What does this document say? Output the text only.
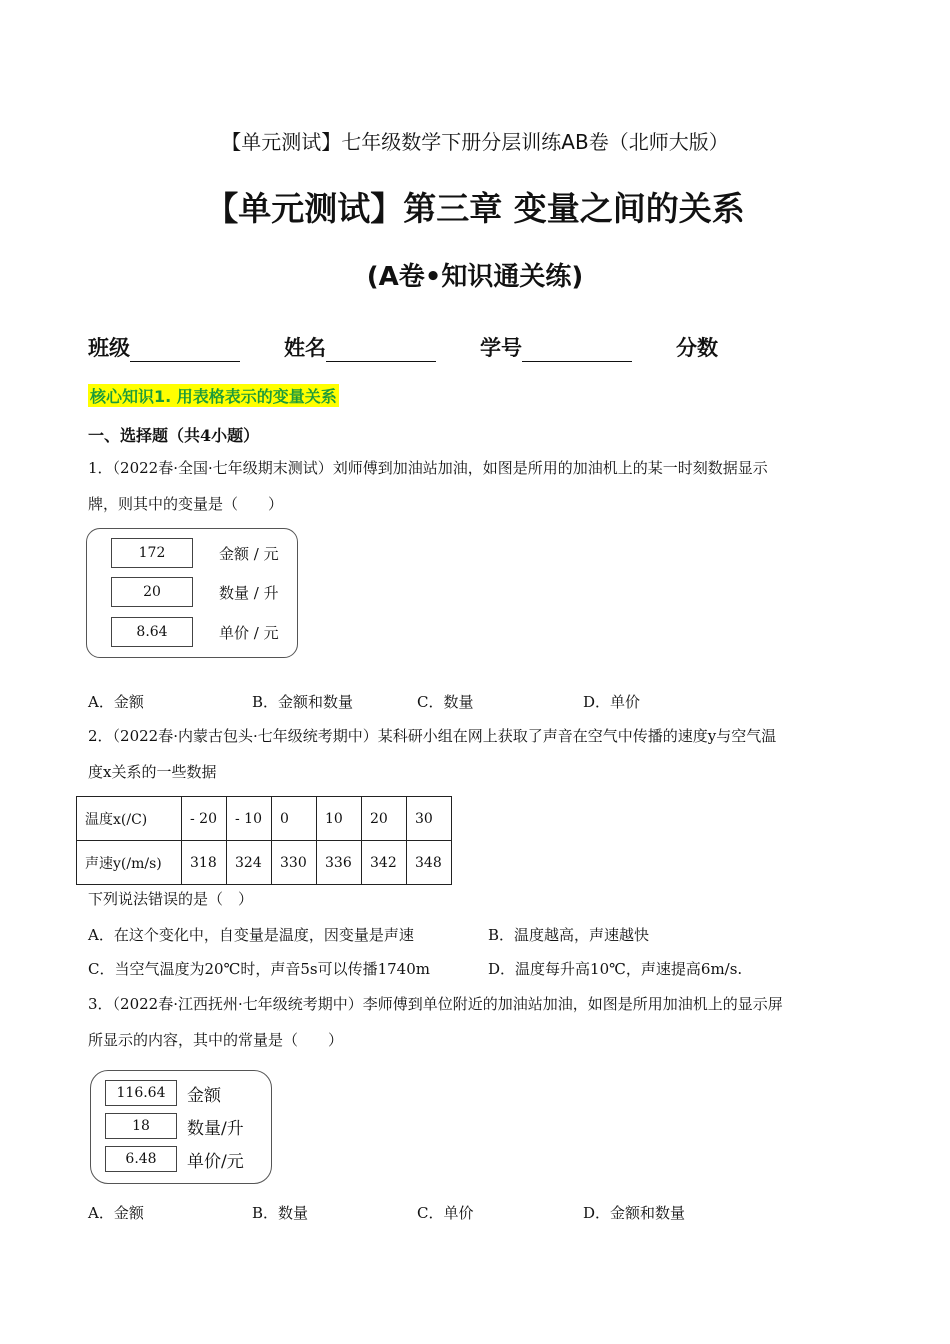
【单元测试】七年级数学下册分层训练AB卷（北师大版）
【单元测试】第三章 变量之间的关系
(A卷•知识通关练)
班级	姓名	学号	分数
核心知识1. 用表格表示的变量关系
一、选择题（共4小题）
1．（2022春·全国·七年级期末测试）刘师傅到加油站加油，如图是所用的加油机上的某一时刻数据显示
牌，则其中的变量是（　　）
172	金额 / 元
20	数量 / 升
8.64	单价 / 元
A．金额	B．金额和数量	C．数量	D．单价
2．（2022春·内蒙古包头·七年级统考期中）某科研小组在网上获取了声音在空气中传播的速度y与空气温
度x关系的一些数据
温度x(/C)	- 20	- 10	0	10	20	30
声速y(/m/s)	318	324	330	336	342	348
下列说法错误的是（　）
A．在这个变化中，自变量是温度，因变量是声速	B．温度越高，声速越快
C．当空气温度为20℃时，声音5s可以传播1740m	D．温度每升高10℃，声速提高6m/s.
3．（2022春·江西抚州·七年级统考期中）李师傅到单位附近的加油站加油，如图是所用加油机上的显示屏
所显示的内容，其中的常量是（　　）
116.64	金额
18	数量/升
6.48	单价/元
A．金额	B．数量	C．单价	D．金额和数量
